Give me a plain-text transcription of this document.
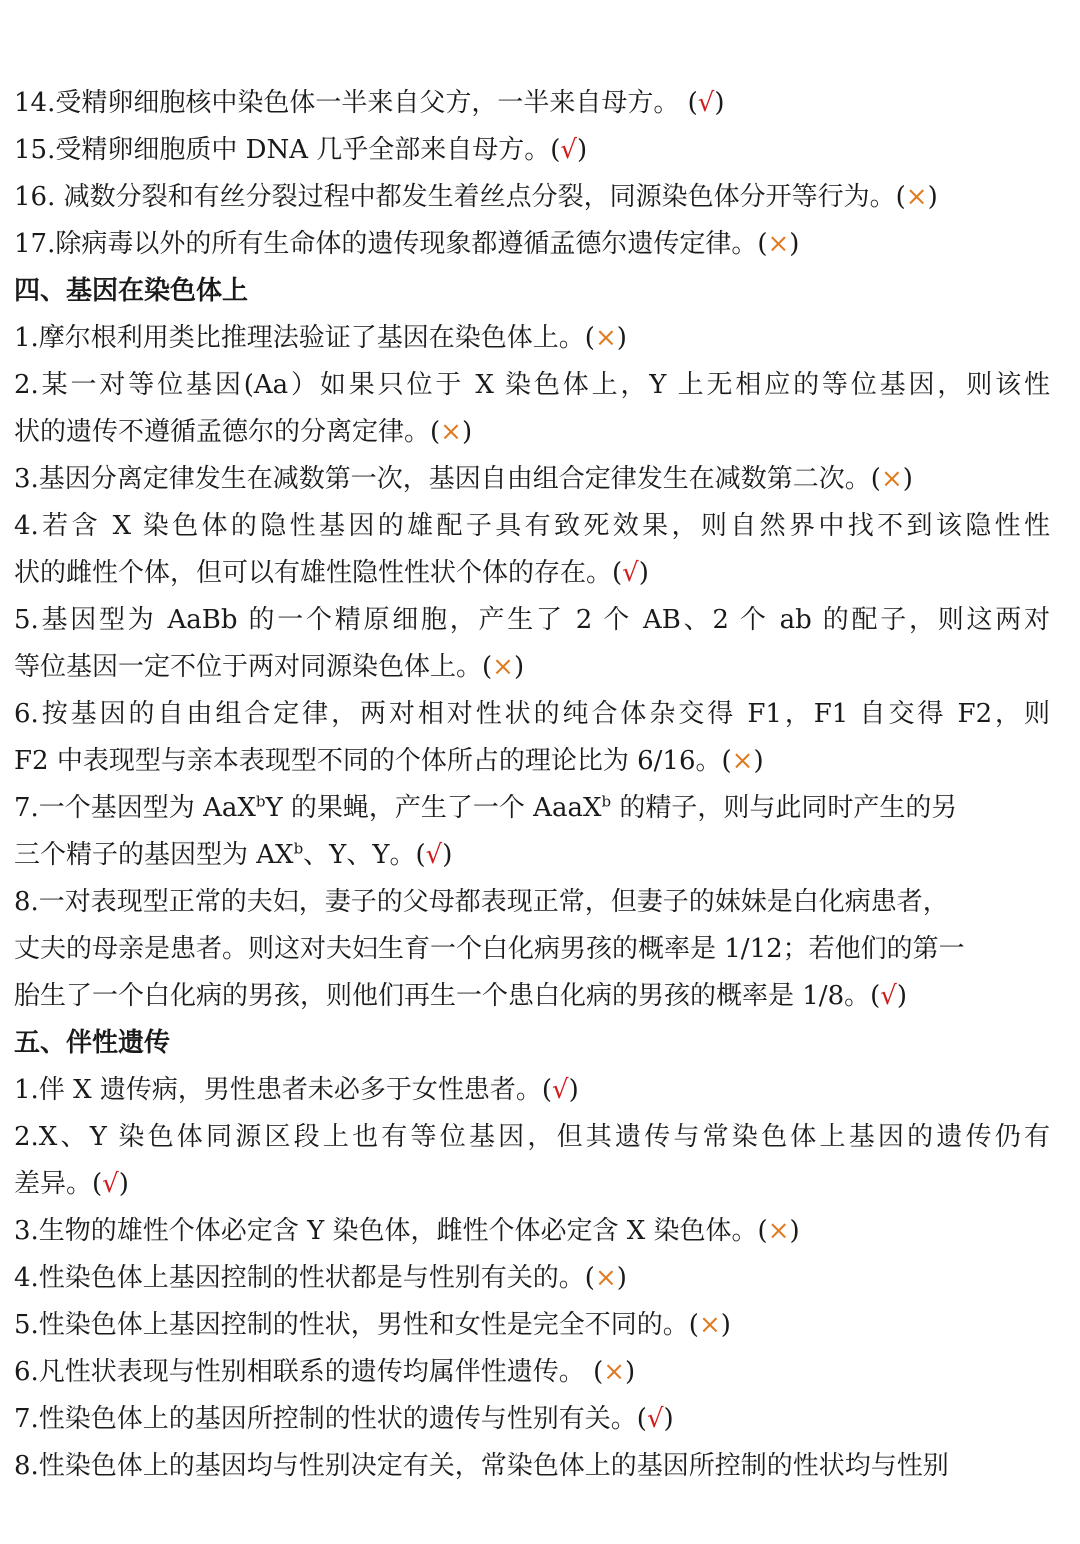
14.受精卵细胞核中染色体一半来自父方，一半来自母方。 (√)
15.受精卵细胞质中 DNA 几乎全部来自母方。(√)
16. 减数分裂和有丝分裂过程中都发生着丝点分裂，同源染色体分开等行为。(×)
17.除病毒以外的所有生命体的遗传现象都遵循孟德尔遗传定律。(×)
四、基因在染色体上
1.摩尔根利用类比推理法验证了基因在染色体上。(×)
2.某一对等位基因(Aa）如果只位于 X 染色体上，Y 上无相应的等位基因，则该性
状的遗传不遵循孟德尔的分离定律。(×)
3.基因分离定律发生在减数第一次，基因自由组合定律发生在减数第二次。(×)
4.若含 X 染色体的隐性基因的雄配子具有致死效果，则自然界中找不到该隐性性
状的雌性个体，但可以有雄性隐性性状个体的存在。(√)
5.基因型为 AaBb 的一个精原细胞，产生了 2 个 AB、2 个 ab 的配子，则这两对
等位基因一定不位于两对同源染色体上。(×)
6.按基因的自由组合定律，两对相对性状的纯合体杂交得 F1，F1 自交得 F2，则
F2 中表现型与亲本表现型不同的个体所占的理论比为 6/16。(×)
7.一个基因型为 AaX$^b$Y 的果蝇，产生了一个 AaaX$^b$ 的精子，则与此同时产生的另
三个精子的基因型为 $AX^b$、Y、Y。(√)
8.一对表现型正常的夫妇，妻子的父母都表现正常，但妻子的妹妹是白化病患者，
丈夫的母亲是患者。则这对夫妇生育一个白化病男孩的概率是 1/12；若他们的第一
胎生了一个白化病的男孩，则他们再生一个患白化病的男孩的概率是 1/8。(√)
五、伴性遗传
1.伴 X 遗传病，男性患者未必多于女性患者。(√)
2.X、Y 染色体同源区段上也有等位基因，但其遗传与常染色体上基因的遗传仍有
差异。(√)
3.生物的雄性个体必定含 Y 染色体，雌性个体必定含 X 染色体。(×)
4.性染色体上基因控制的性状都是与性别有关的。(×)
5.性染色体上基因控制的性状，男性和女性是完全不同的。(×)
6.凡性状表现与性别相联系的遗传均属伴性遗传。 (×)
7.性染色体上的基因所控制的性状的遗传与性别有关。(√)
8.性染色体上的基因均与性别决定有关，常染色体上的基因所控制的性状均与性别
